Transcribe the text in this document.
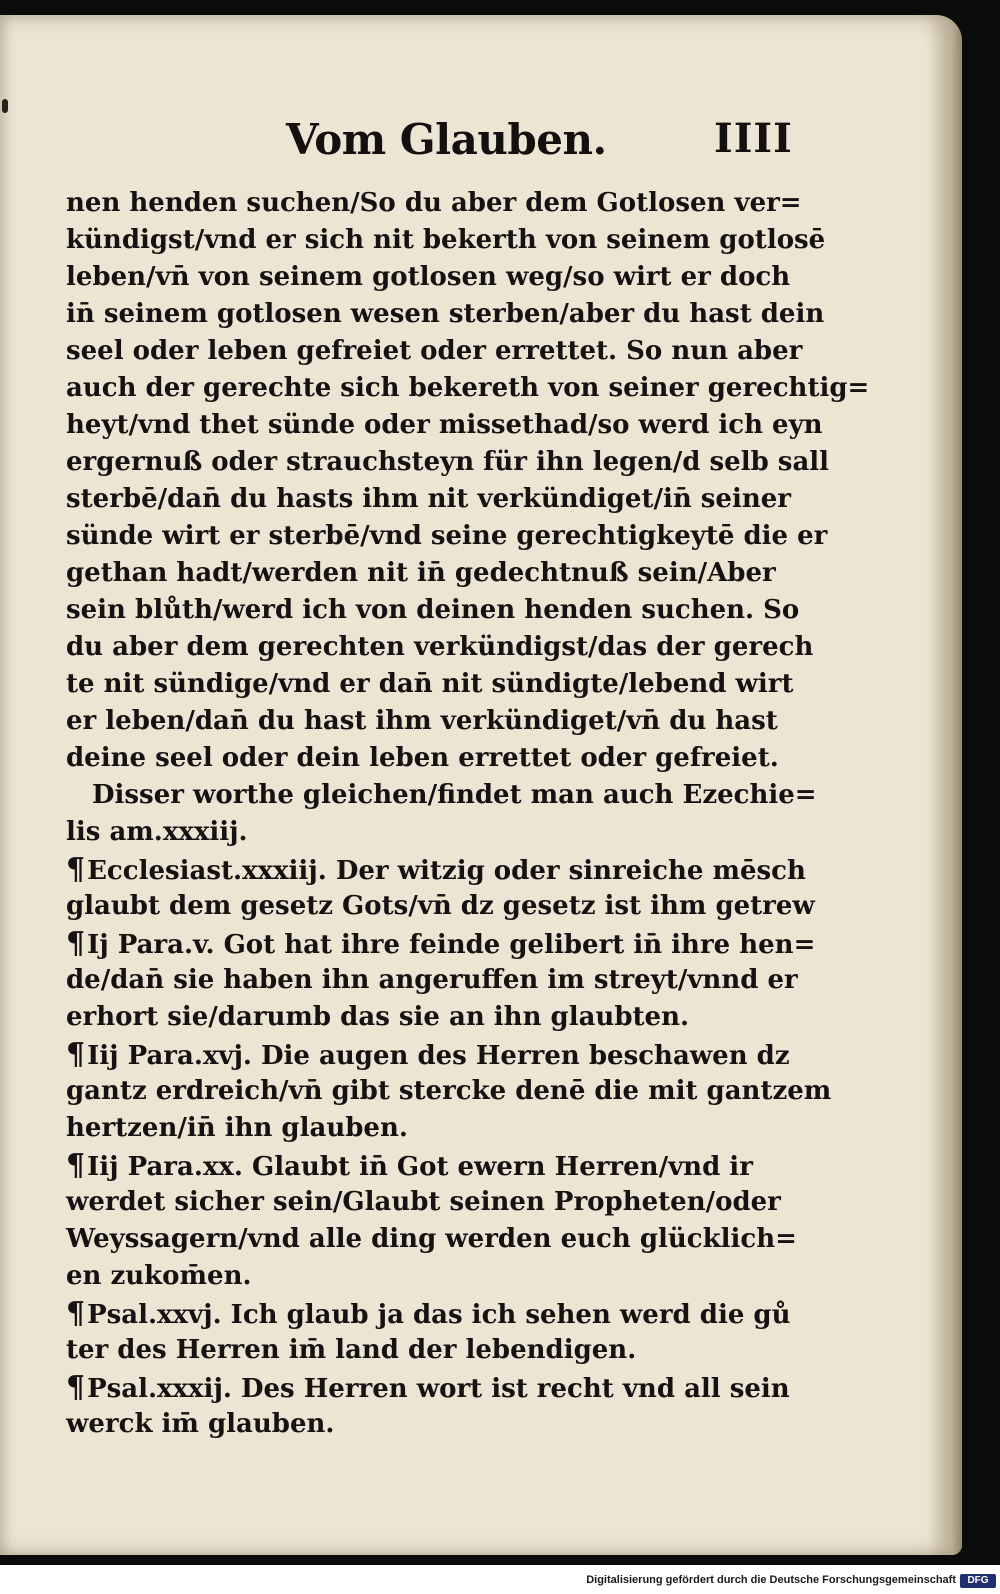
Vom Glauben.	IIII
nen henden suchen/So du aber dem Gotlosen ver=
kündigst/vnd er sich nit bekerth von seinem gotlosē
leben/vn̄ von seinem gotlosen weg/so wirt er doch
in̄ seinem gotlosen wesen sterben/aber du hast dein
seel oder leben gefreiet oder errettet. So nun aber
auch der gerechte sich bekereth von seiner gerechtig=
heyt/vnd thet sünde oder missethad/so werd ich eyn
ergernuß oder strauchsteyn für ihn legen/d selb sall
sterbē/dan̄ du hasts ihm nit verkündiget/in̄ seiner
sünde wirt er sterbē/vnd seine gerechtigkeytē die er
gethan hadt/werden nit in̄ gedechtnuß sein/Aber
sein blůth/werd ich von deinen henden suchen. So
du aber dem gerechten verkündigst/das der gerech
te nit sündige/vnd er dan̄ nit sündigte/lebend wirt
er leben/dan̄ du hast ihm verkündiget/vn̄ du hast
deine seel oder dein leben errettet oder gefreiet.
Disser worthe gleichen/findet man auch Ezechie=
lis am.xxxiij.
¶Ecclesiast.xxxiij. Der witzig oder sinreiche mēsch
glaubt dem gesetz Gots/vn̄ dz gesetz ist ihm getrew
¶Ij Para.v. Got hat ihre feinde gelibert in̄ ihre hen=
de/dan̄ sie haben ihn angeruffen im streyt/vnnd er
erhort sie/darumb das sie an ihn glaubten.
¶Iij Para.xvj. Die augen des Herren beschawen dz
gantz erdreich/vn̄ gibt stercke denē die mit gantzem
hertzen/in̄ ihn glauben.
¶Iij Para.xx. Glaubt in̄ Got ewern Herren/vnd ir
werdet sicher sein/Glaubt seinen Propheten/oder
Weyssagern/vnd alle ding werden euch glücklich=
en zukom̄en.
¶Psal.xxvj. Ich glaub ja das ich sehen werd die gů
ter des Herren im̄ land der lebendigen.
¶Psal.xxxij. Des Herren wort ist recht vnd all sein
werck im̄ glauben.
Digitalisierung gefördert durch die Deutsche Forschungsgemeinschaft	DFG
